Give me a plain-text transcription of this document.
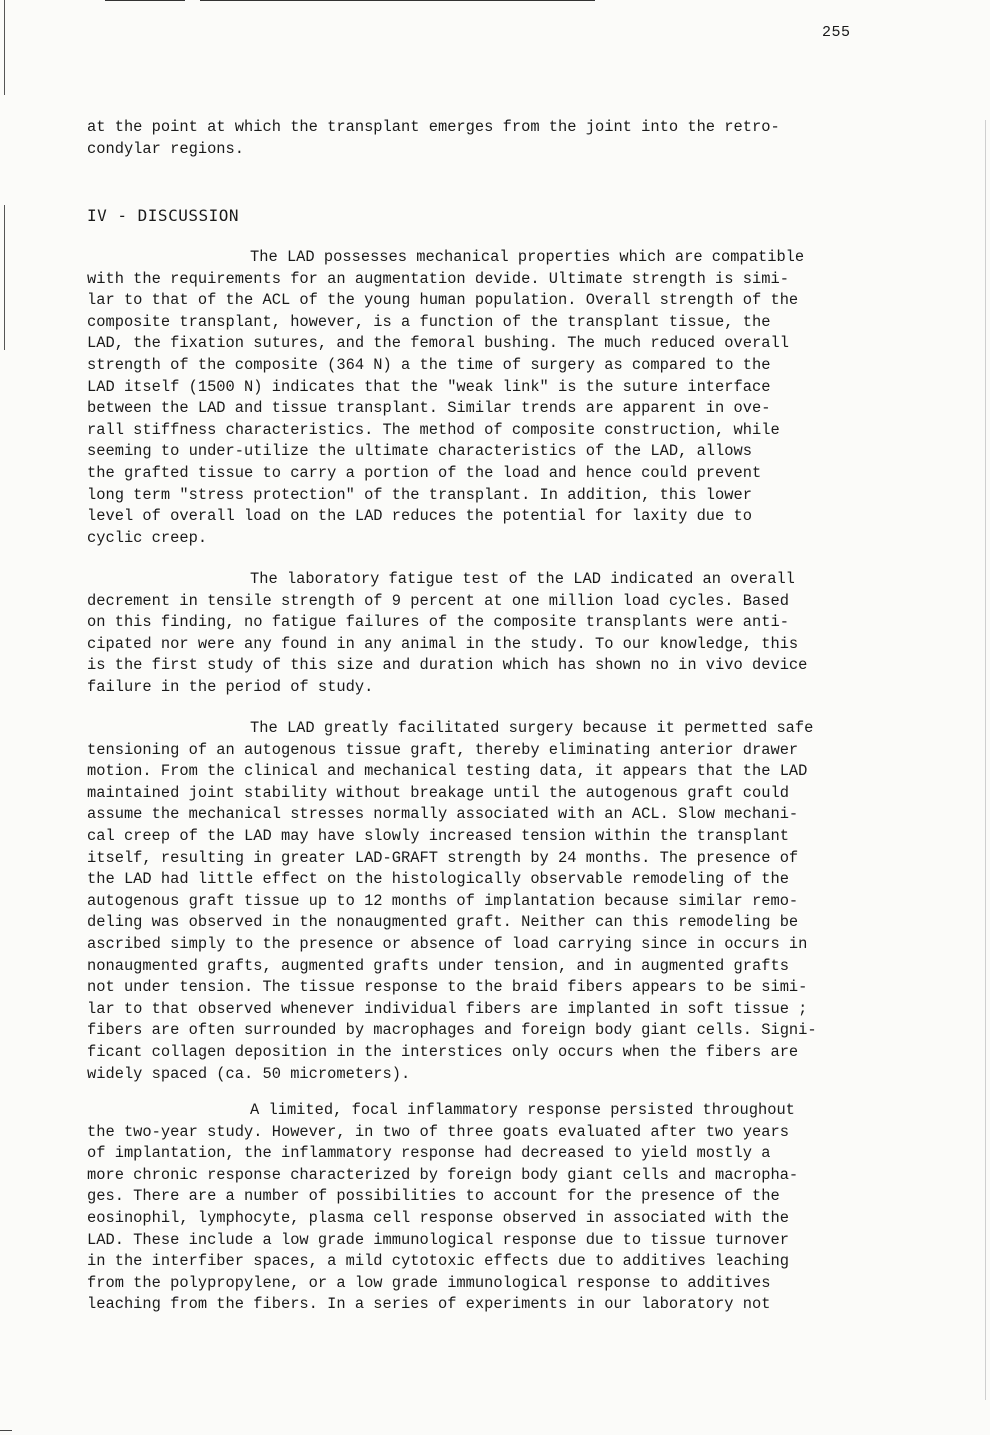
255

at the point at which the transplant emerges from the joint into the retro-
condylar regions.

IV - DISCUSSION

The LAD possesses mechanical properties which are compatible
with the requirements for an augmentation devide. Ultimate strength is simi-
lar to that of the ACL of the young human population. Overall strength of the
composite transplant, however, is a function of the transplant tissue, the
LAD, the fixation sutures, and the femoral bushing. The much reduced overall
strength of the composite (364 N) a the time of surgery as compared to the
LAD itself (1500 N) indicates that the "weak link" is the suture interface
between the LAD and tissue transplant. Similar trends are apparent in ove-
rall stiffness characteristics. The method of composite construction, while
seeming to under-utilize the ultimate characteristics of the LAD, allows
the grafted tissue to carry a portion of the load and hence could prevent
long term "stress protection" of the transplant. In addition, this lower
level of overall load on the LAD reduces the potential for laxity due to
cyclic creep.

The laboratory fatigue test of the LAD indicated an overall
decrement in tensile strength of 9 percent at one million load cycles. Based
on this finding, no fatigue failures of the composite transplants were anti-
cipated nor were any found in any animal in the study. To our knowledge, this
is the first study of this size and duration which has shown no in vivo device
failure in the period of study.

The LAD greatly facilitated surgery because it permetted safe
tensioning of an autogenous tissue graft, thereby eliminating anterior drawer
motion. From the clinical and mechanical testing data, it appears that the LAD
maintained joint stability without breakage until the autogenous graft could
assume the mechanical stresses normally associated with an ACL. Slow mechani-
cal creep of the LAD may have slowly increased tension within the transplant
itself, resulting in greater LAD-GRAFT strength by 24 months. The presence of
the LAD had little effect on the histologically observable remodeling of the
autogenous graft tissue up to 12 months of implantation because similar remo-
deling was observed in the nonaugmented graft. Neither can this remodeling be
ascribed simply to the presence or absence of load carrying since in occurs in
nonaugmented grafts, augmented grafts under tension, and in augmented grafts
not under tension. The tissue response to the braid fibers appears to be simi-
lar to that observed whenever individual fibers are implanted in soft tissue ;
fibers are often surrounded by macrophages and foreign body giant cells. Signi-
ficant collagen deposition in the interstices only occurs when the fibers are
widely spaced (ca. 50 micrometers).

A limited, focal inflammatory response persisted throughout
the two-year study. However, in two of three goats evaluated after two years
of implantation, the inflammatory response had decreased to yield mostly a
more chronic response characterized by foreign body giant cells and macropha-
ges. There are a number of possibilities to account for the presence of the
eosinophil, lymphocyte, plasma cell response observed in associated with the
LAD. These include a low grade immunological response due to tissue turnover
in the interfiber spaces, a mild cytotoxic effects due to additives leaching
from the polypropylene, or a low grade immunological response to additives
leaching from the fibers. In a series of experiments in our laboratory not
